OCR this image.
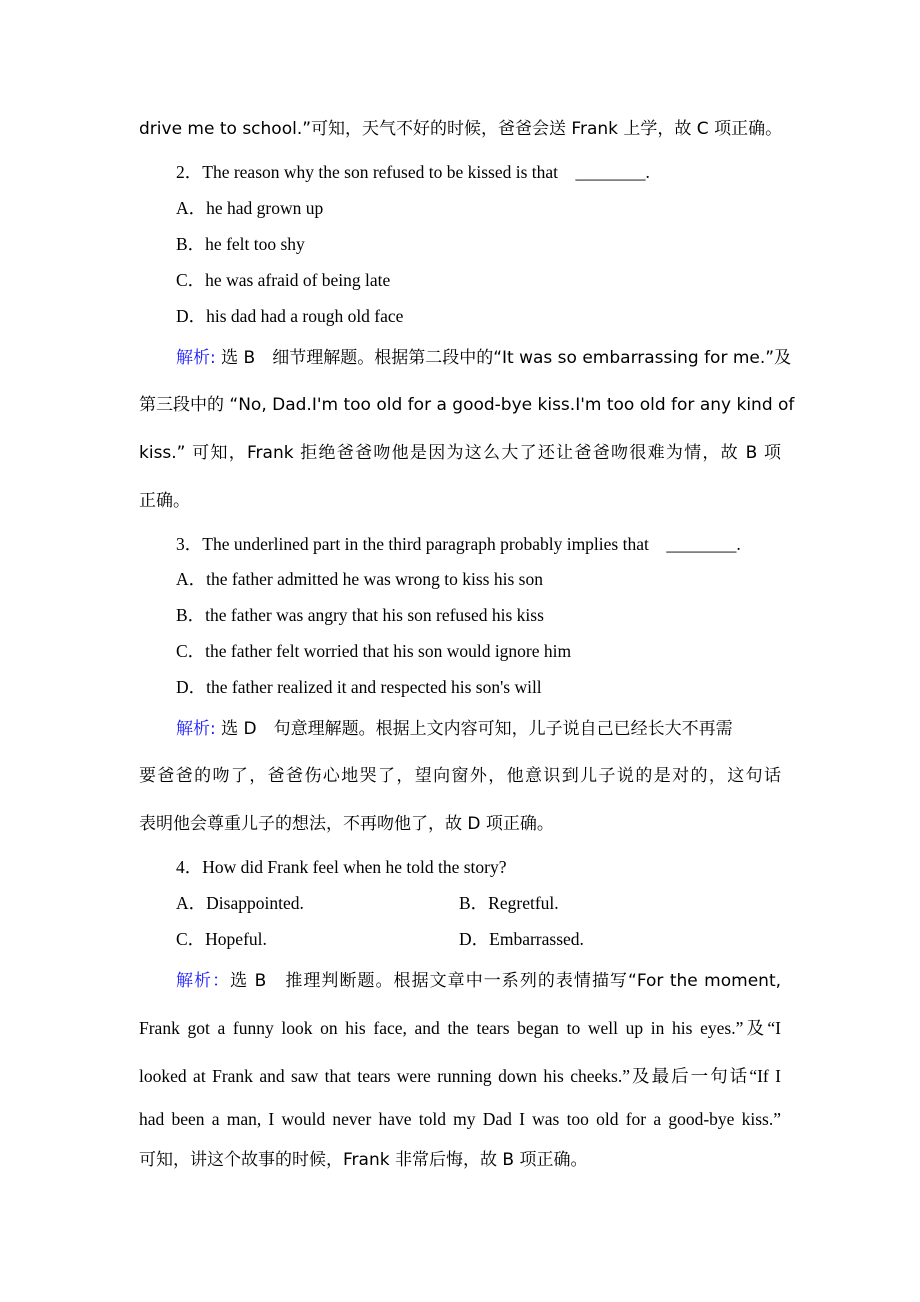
drive me to school.”可知，天气不好的时候，爸爸会送 Frank 上学，故 C 项正确。
2．The reason why the son refused to be kissed is that　________.
A．he had grown up
B．he felt too shy
C．he was afraid of being late
D．his dad had a rough old face
解析: 选 B　细节理解题。根据第二段中的“It was so embarrassing for me.”及
第三段中的 “No, Dad.I'm too old for a good-bye kiss.I'm too old for any kind of
kiss.” 可知，Frank 拒绝爸爸吻他是因为这么大了还让爸爸吻很难为情，故 B 项
正确。
3．The underlined part in the third paragraph probably implies that　________.
A．the father admitted he was wrong to kiss his son
B．the father was angry that his son refused his kiss
C．the father felt worried that his son would ignore him
D．the father realized it and respected his son's will
解析: 选 D　句意理解题。根据上文内容可知，儿子说自己已经长大不再需
要爸爸的吻了，爸爸伤心地哭了，望向窗外，他意识到儿子说的是对的，这句话
表明他会尊重儿子的想法，不再吻他了，故 D 项正确。
4．How did Frank feel when he told the story?
A．Disappointed.	B．Regretful.
C．Hopeful.	D．Embarrassed.
解析：选 B　推理判断题。根据文章中一系列的表情描写“For the moment,
Frank got a funny look on his face, and the tears began to well up in his eyes.”及“I
looked at Frank and saw that tears were running down his cheeks.”及最后一句话“If I
had been a man, I would never have told my Dad I was too old for a good-bye kiss.”
可知，讲这个故事的时候，Frank 非常后悔，故 B 项正确。
